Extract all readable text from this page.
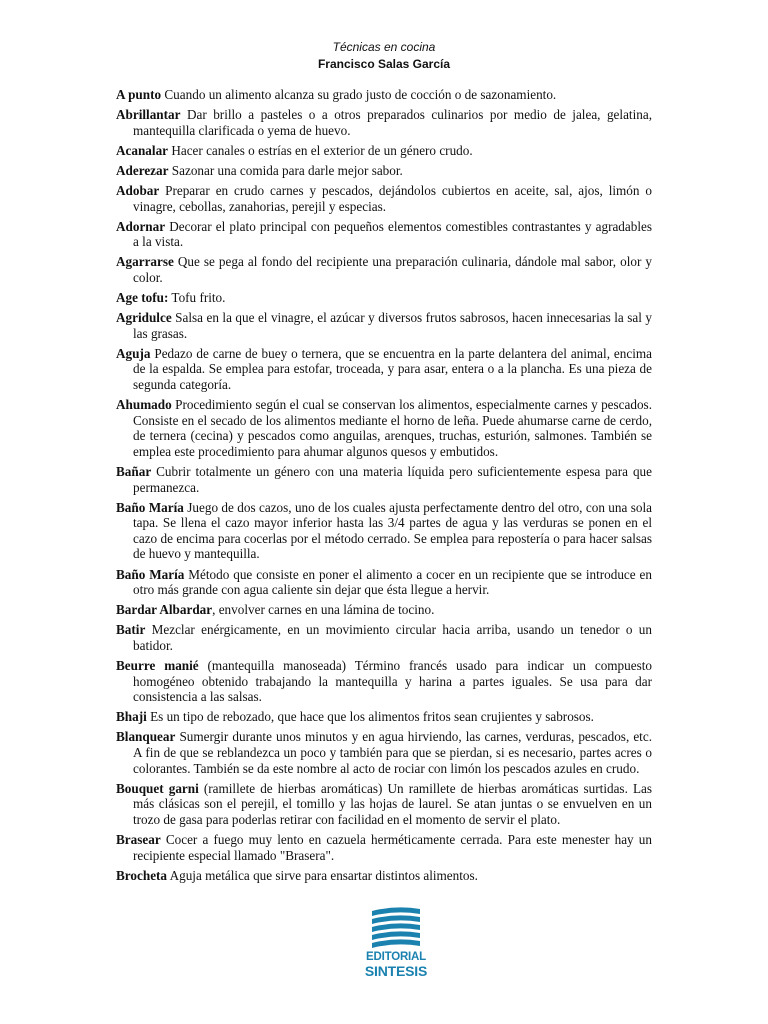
Técnicas en cocina
Francisco Salas García

A punto Cuando un alimento alcanza su grado justo de cocción o de sazonamiento.

Abrillantar Dar brillo a pasteles o a otros preparados culinarios por medio de jalea, gelatina, mantequilla clarificada o yema de huevo.

Acanalar Hacer canales o estrías en el exterior de un género crudo.

Aderezar Sazonar una comida para darle mejor sabor.

Adobar Preparar en crudo carnes y pescados, dejándolos cubiertos en aceite, sal, ajos, limón o vinagre, cebollas, zanahorias, perejil y especias.

Adornar Decorar el plato principal con pequeños elementos comestibles contrastantes y agradables a la vista.

Agarrarse Que se pega al fondo del recipiente una preparación culinaria, dándole mal sabor, olor y color.

Age tofu: Tofu frito.

Agridulce Salsa en la que el vinagre, el azúcar y diversos frutos sabrosos, hacen innecesarias la sal y las grasas.

Aguja Pedazo de carne de buey o ternera, que se encuentra en la parte delantera del animal, encima de la espalda. Se emplea para estofar, troceada, y para asar, entera o a la plancha. Es una pieza de segunda categoría.

Ahumado Procedimiento según el cual se conservan los alimentos, especialmente carnes y pescados. Consiste en el secado de los alimentos mediante el horno de leña. Puede ahumarse carne de cerdo, de ternera (cecina) y pescados como anguilas, arenques, truchas, esturión, salmones. También se emplea este procedimiento para ahumar algunos quesos y embutidos.

Bañar Cubrir totalmente un género con una materia líquida pero suficientemente espesa para que permanezca.

Baño María Juego de dos cazos, uno de los cuales ajusta perfectamente dentro del otro, con una sola tapa. Se llena el cazo mayor inferior hasta las 3/4 partes de agua y las verduras se ponen en el cazo de encima para cocerlas por el método cerrado. Se emplea para repostería o para hacer salsas de huevo y mantequilla.

Baño María Método que consiste en poner el alimento a cocer en un recipiente que se introduce en otro más grande con agua caliente sin dejar que ésta llegue a hervir.

Bardar Albardar, envolver carnes en una lámina de tocino.

Batir Mezclar enérgicamente, en un movimiento circular hacia arriba, usando un tenedor o un batidor.

Beurre manié (mantequilla manoseada) Término francés usado para indicar un compuesto homogéneo obtenido trabajando la mantequilla y harina a partes iguales. Se usa para dar consistencia a las salsas.

Bhaji Es un tipo de rebozado, que hace que los alimentos fritos sean crujientes y sabrosos.

Blanquear Sumergir durante unos minutos y en agua hirviendo, las carnes, verduras, pescados, etc. A fin de que se reblandezca un poco y también para que se pierdan, si es necesario, partes acres o colorantes. También se da este nombre al acto de rociar con limón los pescados azules en crudo.

Bouquet garni (ramillete de hierbas aromáticas) Un ramillete de hierbas aromáticas surtidas. Las más clásicas son el perejil, el tomillo y las hojas de laurel. Se atan juntas o se envuelven en un trozo de gasa para poderlas retirar con facilidad en el momento de servir el plato.

Brasear Cocer a fuego muy lento en cazuela herméticamente cerrada. Para este menester hay un recipiente especial llamado "Brasera".

Brocheta Aguja metálica que sirve para ensartar distintos alimentos.

EDITORIAL
SINTESIS
